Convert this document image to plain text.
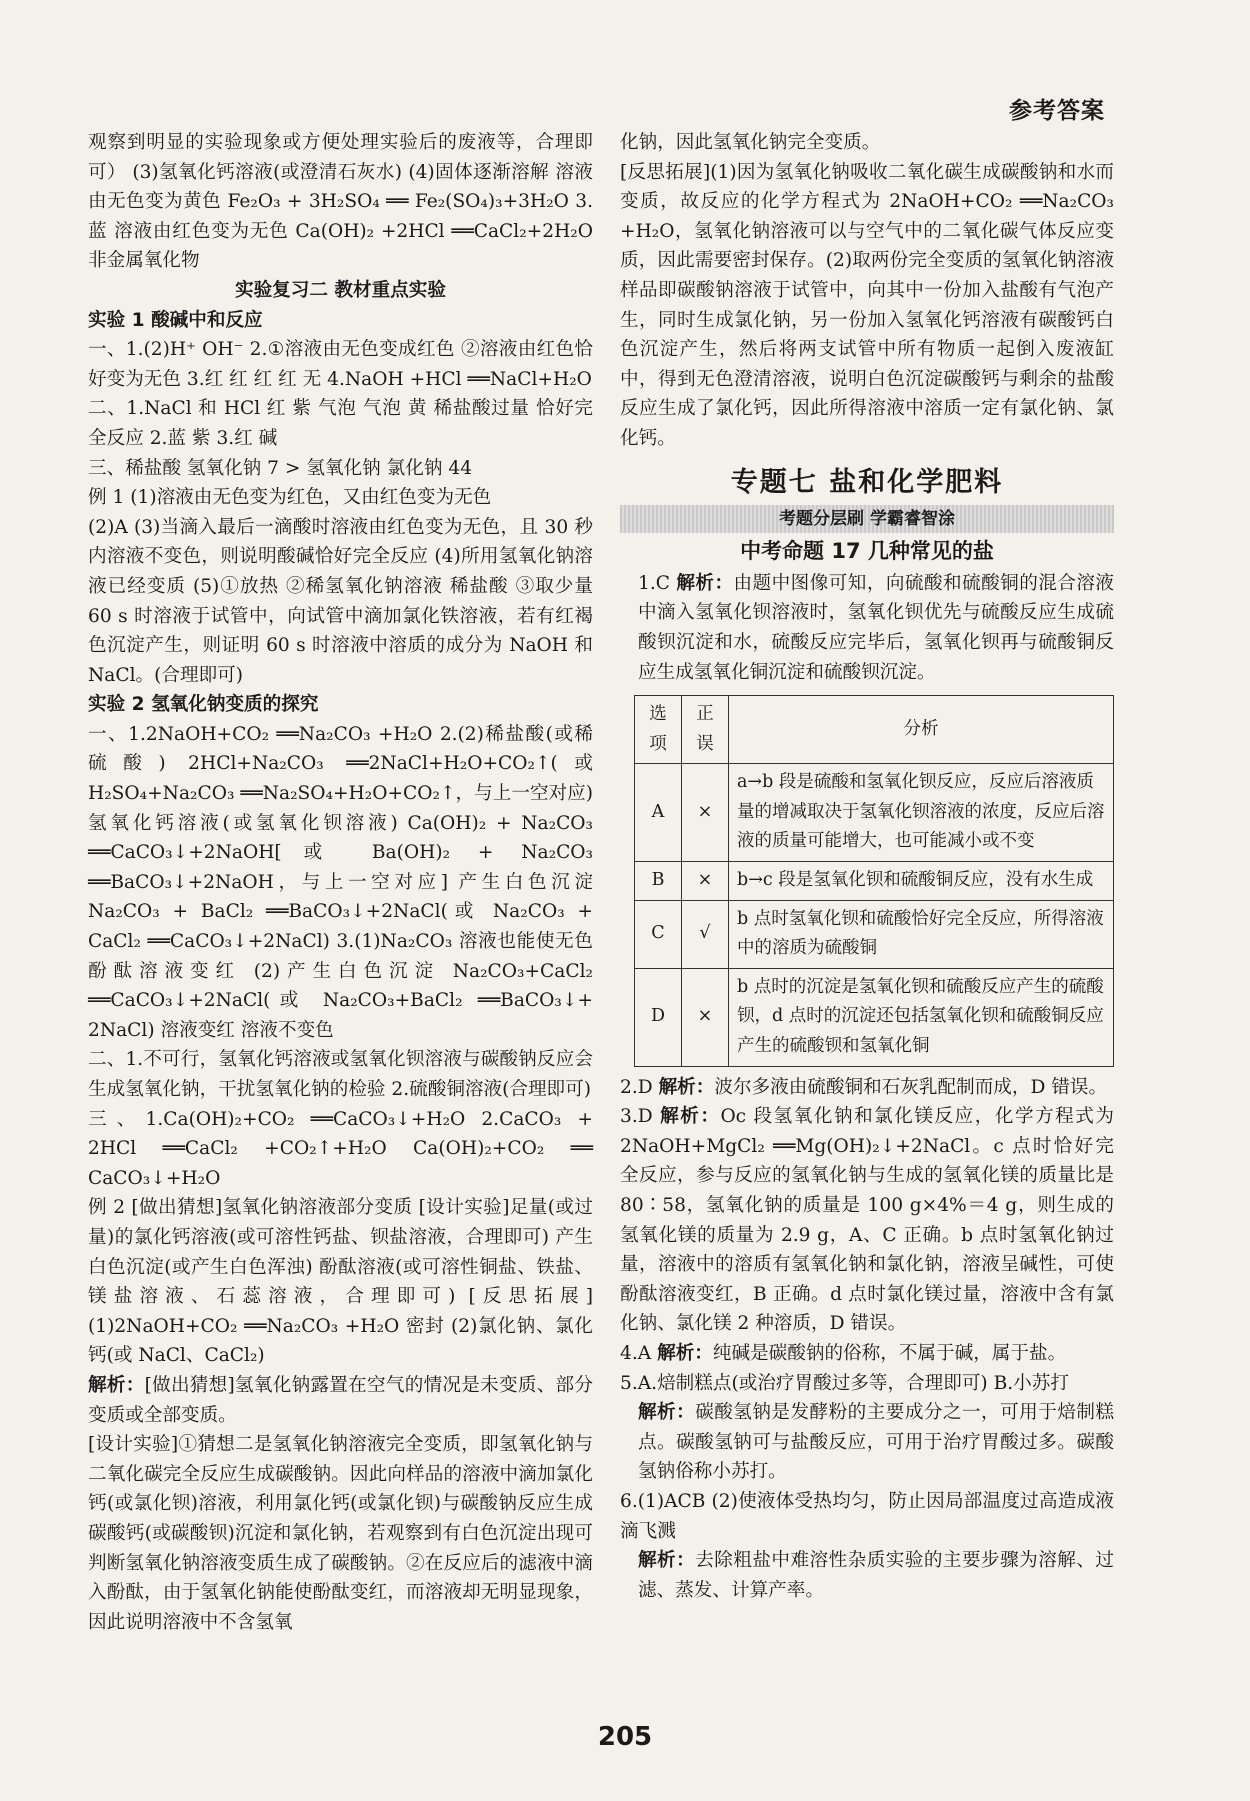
参考答案

观察到明显的实验现象或方便处理实验后的废液等，合理即可） (3)氢氧化钙溶液(或澄清石灰水) (4)固体逐渐溶解 溶液由无色变为黄色 Fe₂O₃ + 3H₂SO₄ ══ Fe₂(SO₄)₃+3H₂O 3.蓝 溶液由红色变为无色 Ca(OH)₂ +2HCl ══CaCl₂+2H₂O 非金属氧化物

实验复习二 教材重点实验

实验 1 酸碱中和反应

一、1.(2)H⁺ OH⁻ 2.①溶液由无色变成红色 ②溶液由红色恰好变为无色 3.红 红 红 红 无 4.NaOH +HCl ══NaCl+H₂O

二、1.NaCl 和 HCl 红 紫 气泡 气泡 黄 稀盐酸过量 恰好完全反应 2.蓝 紫 3.红 碱

三、稀盐酸 氢氧化钠 7 > 氢氧化钠 氯化钠 44

例 1 (1)溶液由无色变为红色，又由红色变为无色

(2)A (3)当滴入最后一滴酸时溶液由红色变为无色，且 30 秒内溶液不变色，则说明酸碱恰好完全反应 (4)所用氢氧化钠溶液已经变质 (5)①放热 ②稀氢氧化钠溶液 稀盐酸 ③取少量 60 s 时溶液于试管中，向试管中滴加氯化铁溶液，若有红褐色沉淀产生，则证明 60 s 时溶液中溶质的成分为 NaOH 和 NaCl。(合理即可)

实验 2 氢氧化钠变质的探究

一、1.2NaOH+CO₂ ══Na₂CO₃ +H₂O 2.(2)稀盐酸(或稀硫酸) 2HCl+Na₂CO₃ ══2NaCl+H₂O+CO₂↑(或 H₂SO₄+Na₂CO₃ ══Na₂SO₄+H₂O+CO₂↑，与上一空对应) 氢氧化钙溶液(或氢氧化钡溶液) Ca(OH)₂ + Na₂CO₃ ══CaCO₃↓+2NaOH[或 Ba(OH)₂ + Na₂CO₃ ══BaCO₃↓+2NaOH，与上一空对应] 产生白色沉淀 Na₂CO₃ + BaCl₂ ══BaCO₃↓+2NaCl(或 Na₂CO₃ + CaCl₂ ══CaCO₃↓+2NaCl) 3.(1)Na₂CO₃ 溶液也能使无色酚酞溶液变红 (2)产生白色沉淀 Na₂CO₃+CaCl₂ ══CaCO₃↓+2NaCl(或 Na₂CO₃+BaCl₂ ══BaCO₃↓+ 2NaCl) 溶液变红 溶液不变色

二、1.不可行，氢氧化钙溶液或氢氧化钡溶液与碳酸钠反应会生成氢氧化钠，干扰氢氧化钠的检验 2.硫酸铜溶液(合理即可)

三、1.Ca(OH)₂+CO₂ ══CaCO₃↓+H₂O 2.CaCO₃ + 2HCl ══CaCl₂ +CO₂↑+H₂O Ca(OH)₂+CO₂ ══ CaCO₃↓+H₂O

例 2 [做出猜想]氢氧化钠溶液部分变质 [设计实验]足量(或过量)的氯化钙溶液(或可溶性钙盐、钡盐溶液，合理即可) 产生白色沉淀(或产生白色浑浊) 酚酞溶液(或可溶性铜盐、铁盐、镁盐溶液、石蕊溶液，合理即可) [反思拓展](1)2NaOH+CO₂ ══Na₂CO₃ +H₂O 密封 (2)氯化钠、氯化钙(或 NaCl、CaCl₂)

解析：[做出猜想]氢氧化钠露置在空气的情况是未变质、部分变质或全部变质。

[设计实验]①猜想二是氢氧化钠溶液完全变质，即氢氧化钠与二氧化碳完全反应生成碳酸钠。因此向样品的溶液中滴加氯化钙(或氯化钡)溶液，利用氯化钙(或氯化钡)与碳酸钠反应生成碳酸钙(或碳酸钡)沉淀和氯化钠，若观察到有白色沉淀出现可判断氢氧化钠溶液变质生成了碳酸钠。②在反应后的滤液中滴入酚酞，由于氢氧化钠能使酚酞变红，而溶液却无明显现象，因此说明溶液中不含氢氧

化钠，因此氢氧化钠完全变质。

[反思拓展](1)因为氢氧化钠吸收二氧化碳生成碳酸钠和水而变质，故反应的化学方程式为 2NaOH+CO₂ ══Na₂CO₃ +H₂O，氢氧化钠溶液可以与空气中的二氧化碳气体反应变质，因此需要密封保存。(2)取两份完全变质的氢氧化钠溶液样品即碳酸钠溶液于试管中，向其中一份加入盐酸有气泡产生，同时生成氯化钠，另一份加入氢氧化钙溶液有碳酸钙白色沉淀产生，然后将两支试管中所有物质一起倒入废液缸中，得到无色澄清溶液，说明白色沉淀碳酸钙与剩余的盐酸反应生成了氯化钙，因此所得溶液中溶质一定有氯化钠、氯化钙。

专题七 盐和化学肥料
考题分层刷 学霸睿智涂
中考命题 17 几种常见的盐

1.C 解析：由题中图像可知，向硫酸和硫酸铜的混合溶液中滴入氢氧化钡溶液时，氢氧化钡优先与硫酸反应生成硫酸钡沉淀和水，硫酸反应完毕后，氢氧化钡再与硫酸铜反应生成氢氧化铜沉淀和硫酸钡沉淀。

选项	正误	分析
A	×	a→b 段是硫酸和氢氧化钡反应，反应后溶液质量的增减取决于氢氧化钡溶液的浓度，反应后溶液的质量可能增大，也可能减小或不变
B	×	b→c 段是氢氧化钡和硫酸铜反应，没有水生成
C	√	b 点时氢氧化钡和硫酸恰好完全反应，所得溶液中的溶质为硫酸铜
D	×	b 点时的沉淀是氢氧化钡和硫酸反应产生的硫酸钡，d 点时的沉淀还包括氢氧化钡和硫酸铜反应产生的硫酸钡和氢氧化铜

2.D 解析：波尔多液由硫酸铜和石灰乳配制而成，D 错误。

3.D 解析：Oc 段氢氧化钠和氯化镁反应，化学方程式为 2NaOH+MgCl₂ ══Mg(OH)₂↓+2NaCl。c 点时恰好完全反应，参与反应的氢氧化钠与生成的氢氧化镁的质量比是 80∶58，氢氧化钠的质量是 100 g×4%＝4 g，则生成的氢氧化镁的质量为 2.9 g，A、C 正确。b 点时氢氧化钠过量，溶液中的溶质有氢氧化钠和氯化钠，溶液呈碱性，可使酚酞溶液变红，B 正确。d 点时氯化镁过量，溶液中含有氯化钠、氯化镁 2 种溶质，D 错误。

4.A 解析：纯碱是碳酸钠的俗称，不属于碱，属于盐。

5.A.焙制糕点(或治疗胃酸过多等，合理即可) B.小苏打

解析：碳酸氢钠是发酵粉的主要成分之一，可用于焙制糕点。碳酸氢钠可与盐酸反应，可用于治疗胃酸过多。碳酸氢钠俗称小苏打。

6.(1)ACB (2)使液体受热均匀，防止因局部温度过高造成液滴飞溅

解析：去除粗盐中难溶性杂质实验的主要步骤为溶解、过滤、蒸发、计算产率。

205
